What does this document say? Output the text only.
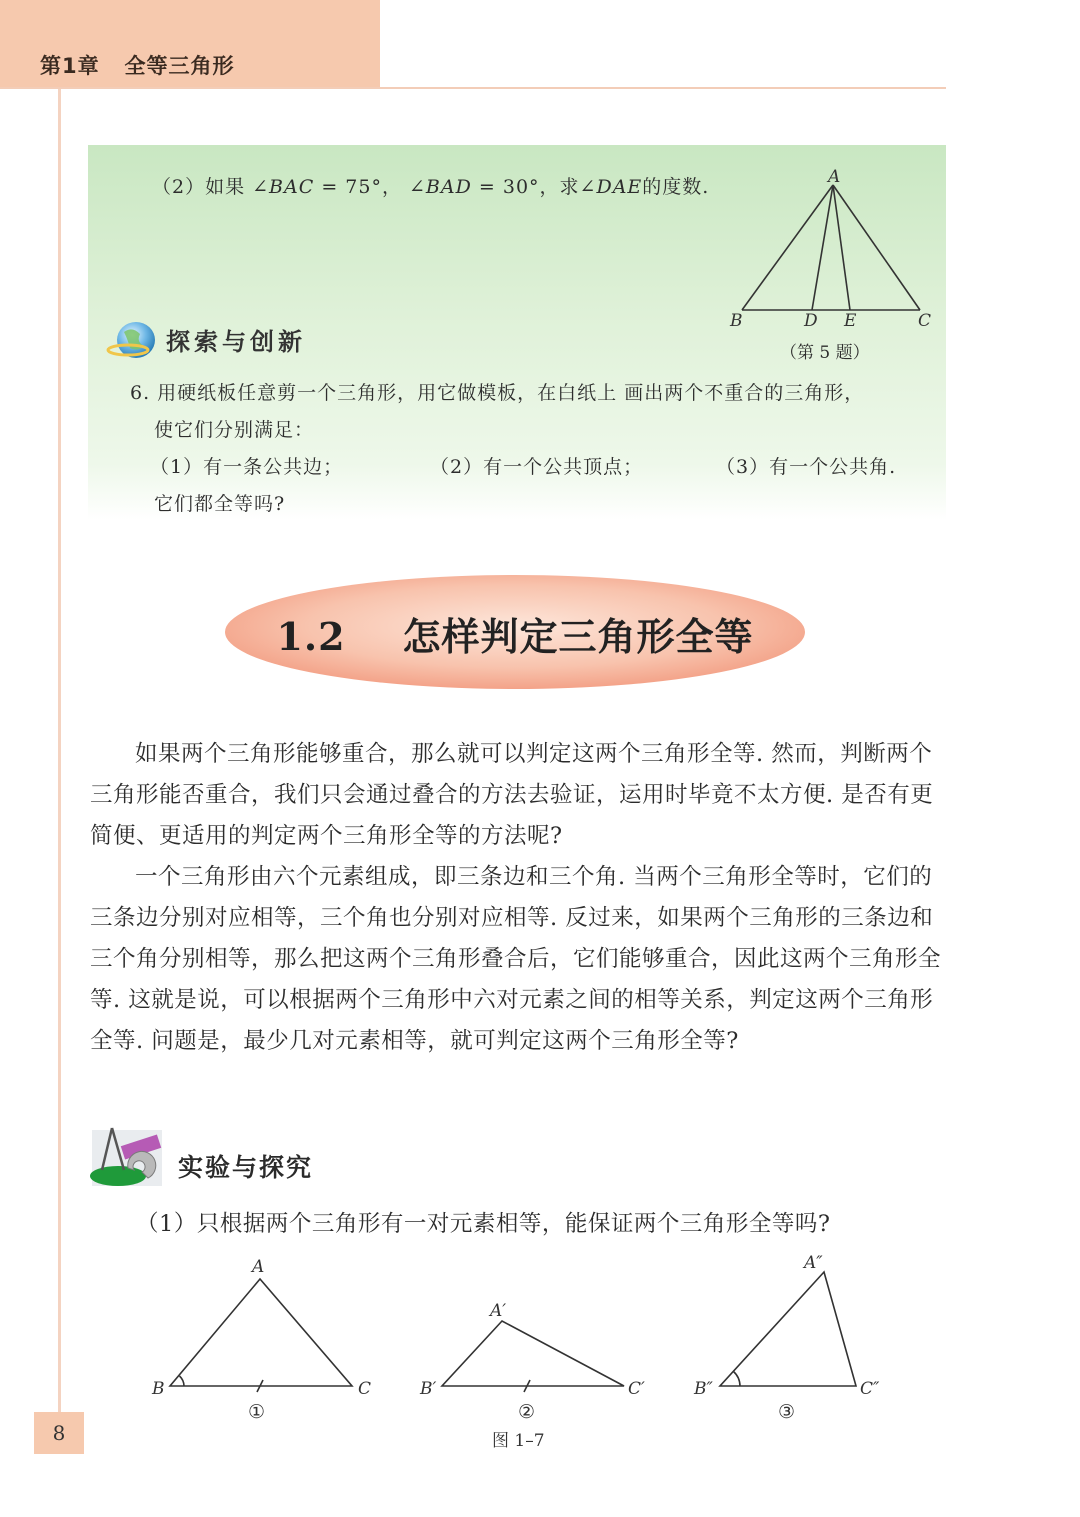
第1章   全等三角形
（2）如果 ∠BAC = 75°， ∠BAD = 30°，求∠DAE的度数.	A
B	D E	C
（第 5 题）
探索与创新
6. 用硬纸板任意剪一个三角形，用它做模板，在白纸上 画出两个不重合的三角形，
使它们分别满足：
（1）有一条公共边；	（2）有一个公共顶点；	（3）有一个公共角.
它们都全等吗?
1.2    怎样判定三角形全等
如果两个三角形能够重合，那么就可以判定这两个三角形全等. 然而，判断两个三角形能否重合，我们只会通过叠合的方法去验证，运用时毕竟不太方便. 是否有更简便、更适用的判定两个三角形全等的方法呢?
一个三角形由六个元素组成，即三条边和三个角. 当两个三角形全等时，它们的三条边分别对应相等，三个角也分别对应相等. 反过来，如果两个三角形的三条边和三个角分别相等，那么把这两个三角形叠合后，它们能够重合，因此这两个三角形全等. 这就是说，可以根据两个三角形中六对元素之间的相等关系，判定这两个三角形全等. 问题是，最少几对元素相等，就可判定这两个三角形全等?
实验与探究
（1）只根据两个三角形有一对元素相等，能保证两个三角形全等吗?
A
B	C
A′
B′	C′
A″
B″	C″
①	②	③
图 1–7
8
